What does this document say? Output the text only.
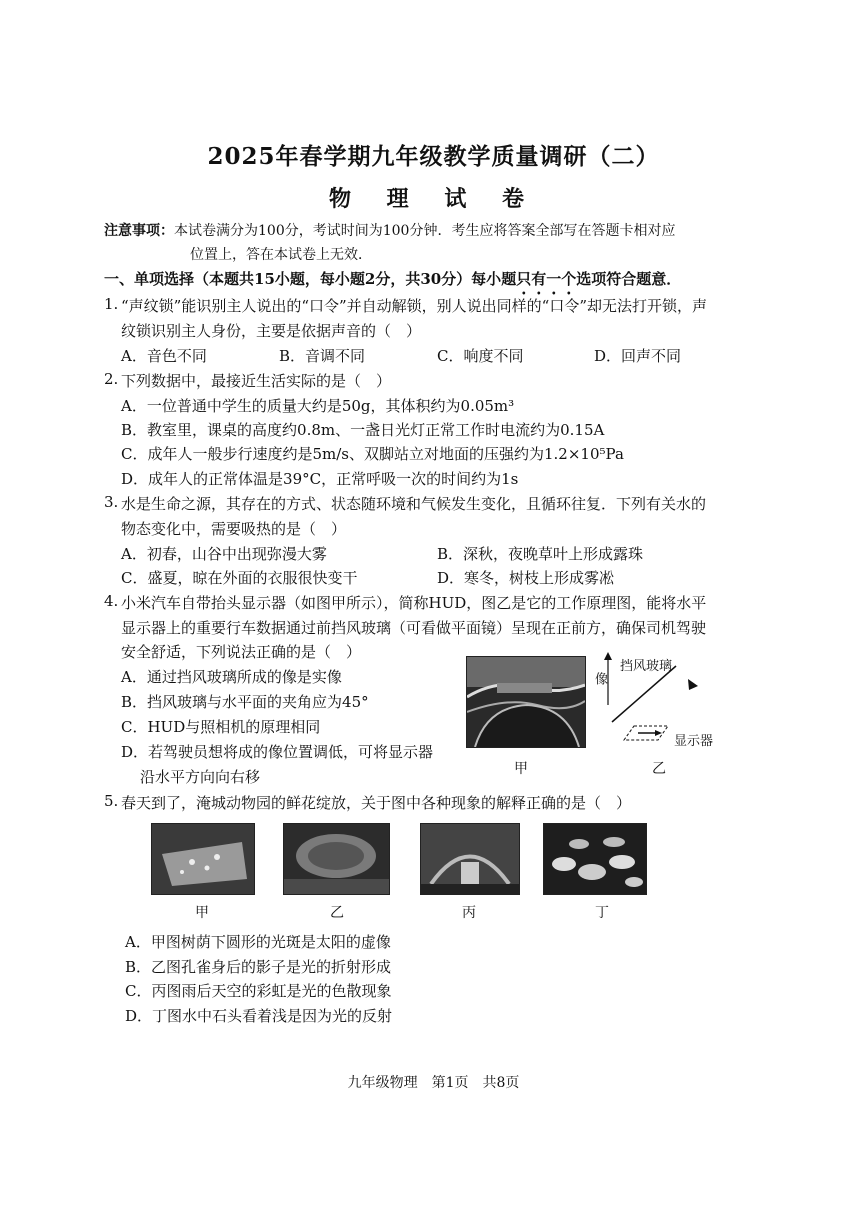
2025年春学期九年级教学质量调研（二）
物 理 试 卷
注意事项：本试卷满分为100分，考试时间为100分钟．考生应将答案全部写在答题卡相对应
位置上，答在本试卷上无效．
一、单项选择（本题共15小题，每小题2分，共30分）每小题只有一个选项符合题意．
1. “声纹锁”能识别主人说出的“口令”并自动解锁，别人说出同样的“口令”却无法打开锁，声
纹锁识别主人身份，主要是依据声音的（　）
A．音色不同	B．音调不同	C．响度不同	D．回声不同
2. 下列数据中，最接近生活实际的是（　）
A．一位普通中学生的质量大约是50g，其体积约为0.05m³
B．教室里，课桌的高度约0.8m、一盏日光灯正常工作时电流约为0.15A
C．成年人一般步行速度约是5m/s、双脚站立对地面的压强约为1.2×10⁵Pa
D．成年人的正常体温是39°C，正常呼吸一次的时间约为1s
3. 水是生命之源，其存在的方式、状态随环境和气候发生变化，且循环往复．下列有关水的
物态变化中，需要吸热的是（　）
A．初春，山谷中出现弥漫大雾	B．深秋，夜晚草叶上形成露珠
C．盛夏，晾在外面的衣服很快变干	D．寒冬，树枝上形成雾凇
4. 小米汽车自带抬头显示器（如图甲所示），简称HUD，图乙是它的工作原理图，能将水平
显示器上的重要行车数据通过前挡风玻璃（可看做平面镜）呈现在正前方，确保司机驾驶
安全舒适，下列说法正确的是（　）
A．通过挡风玻璃所成的像是实像
B．挡风玻璃与水平面的夹角应为45°
C．HUD与照相机的原理相同
D．若驾驶员想将成的像位置调低，可将显示器
沿水平方向向右移	甲
挡风玻璃
像
显示器
乙
5. 春天到了，淹城动物园的鲜花绽放，关于图中各种现象的解释正确的是（　）
甲	乙	丙	丁
A．甲图树荫下圆形的光斑是太阳的虚像
B．乙图孔雀身后的影子是光的折射形成
C．丙图雨后天空的彩虹是光的色散现象
D．丁图水中石头看着浅是因为光的反射
九年级物理　第1页　共8页
